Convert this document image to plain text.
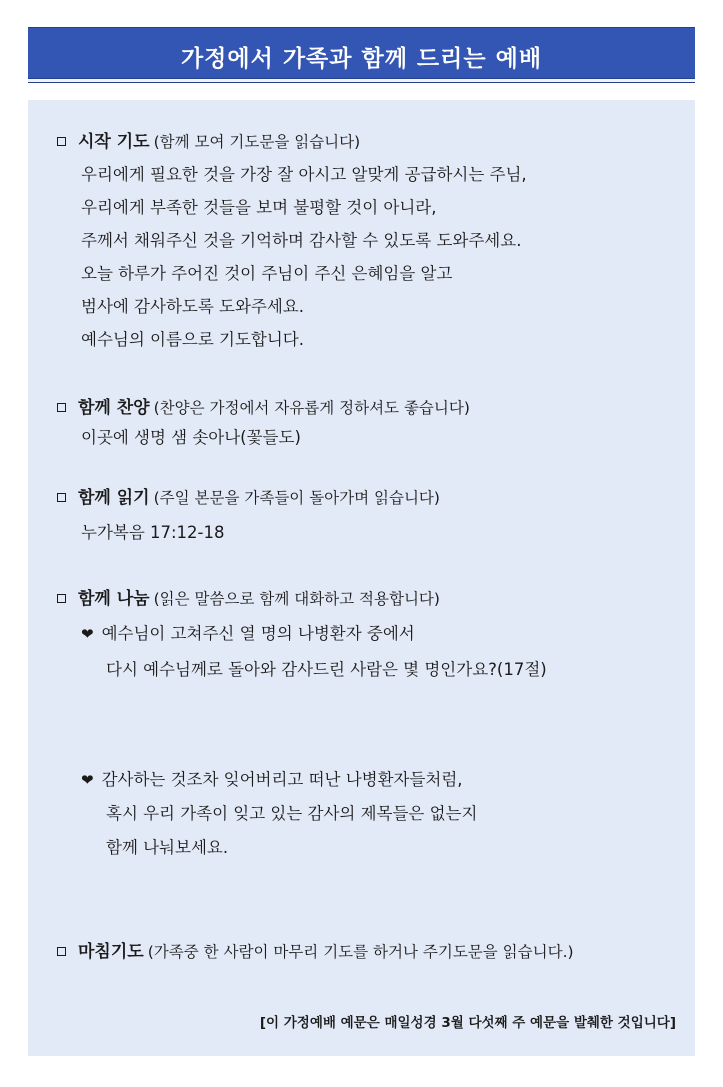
가정에서 가족과 함께 드리는 예배
시작 기도 (함께 모여 기도문을 읽습니다)
우리에게 필요한 것을 가장 잘 아시고 알맞게 공급하시는 주님,
우리에게 부족한 것들을 보며 불평할 것이 아니라,
주께서 채워주신 것을 기억하며 감사할 수 있도록 도와주세요.
오늘 하루가 주어진 것이 주님이 주신 은혜임을 알고
범사에 감사하도록 도와주세요.
예수님의 이름으로 기도합니다.
함께 찬양 (찬양은 가정에서 자유롭게 정하셔도 좋습니다)
이곳에 생명 샘 솟아나(꽃들도)
함께 읽기 (주일 본문을 가족들이 돌아가며 읽습니다)
누가복음 17:12-18
함께 나눔 (읽은 말씀으로 함께 대화하고 적용합니다)
❤ 예수님이 고쳐주신 열 명의 나병환자 중에서
다시 예수님께로 돌아와 감사드린 사람은 몇 명인가요?(17절)
❤ 감사하는 것조차 잊어버리고 떠난 나병환자들처럼,
혹시 우리 가족이 잊고 있는 감사의 제목들은 없는지
함께 나눠보세요.
마침기도 (가족중 한 사람이 마무리 기도를 하거나 주기도문을 읽습니다.)
[이 가정예배 예문은 매일성경 3월 다섯째 주 예문을 발췌한 것입니다]
